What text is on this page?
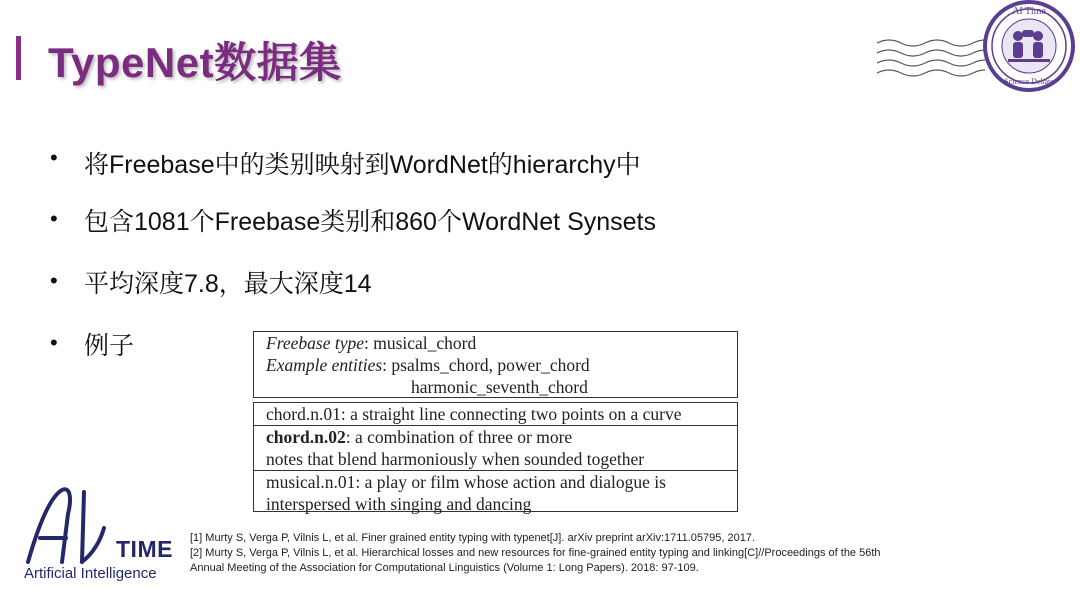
TypeNet数据集
AI Time
Science Debate
• 将Freebase中的类别映射到WordNet的hierarchy中
• 包含1081个Freebase类别和860个WordNet Synsets
• 平均深度7.8，最大深度14
• 例子	Freebase type: musical_chord
Example entities: psalms_chord, power_chord
harmonic_seventh_chord
chord.n.01: a straight line connecting two points on a curve
chord.n.02: a combination of three or more
notes that blend harmoniously when sounded together
musical.n.01: a play or film whose action and dialogue is
interspersed with singing and dancing
TIME
Artificial Intelligence
[1] Murty S, Verga P, Vilnis L, et al. Finer grained entity typing with typenet[J]. arXiv preprint arXiv:1711.05795, 2017.
[2] Murty S, Verga P, Vilnis L, et al. Hierarchical losses and new resources for fine-grained entity typing and linking[C]//Proceedings of the 56th
Annual Meeting of the Association for Computational Linguistics (Volume 1: Long Papers). 2018: 97-109.
